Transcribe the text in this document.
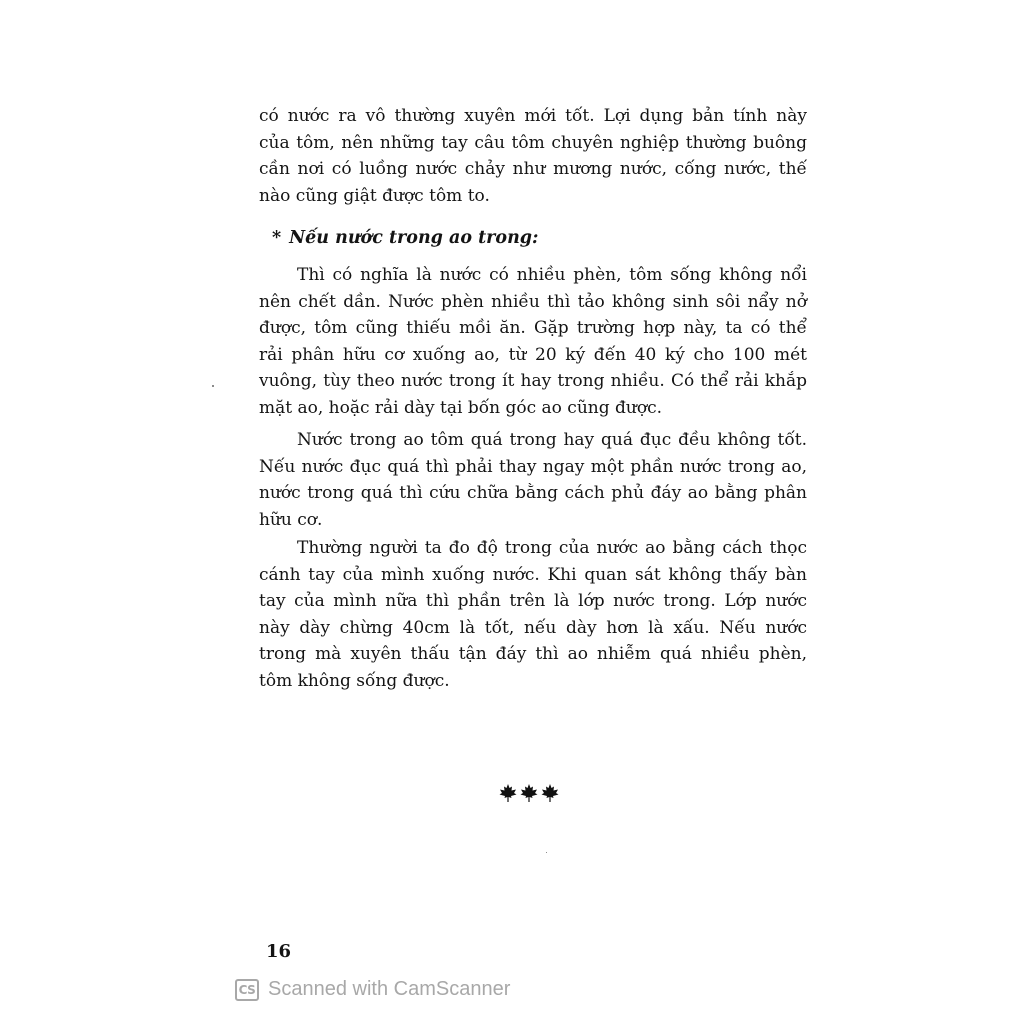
có nước ra vô thường xuyên mới tốt. Lợi dụng bản tính này
của tôm, nên những tay câu tôm chuyên nghiệp thường buông
cần nơi có luồng nước chảy như mương nước, cống nước, thế
nào cũng giật được tôm to.
* Nếu nước trong ao trong:
Thì có nghĩa là nước có nhiều phèn, tôm sống không nổi
nên chết dần. Nước phèn nhiều thì tảo không sinh sôi nẩy nở
được, tôm cũng thiếu mồi ăn. Gặp trường hợp này, ta có thể
rải phân hữu cơ xuống ao, từ 20 ký đến 40 ký cho 100 mét
vuông, tùy theo nước trong ít hay trong nhiều. Có thể rải khắp
mặt ao, hoặc rải dày tại bốn góc ao cũng được.
Nước trong ao tôm quá trong hay quá đục đều không tốt.
Nếu nước đục quá thì phải thay ngay một phần nước trong ao,
nước trong quá thì cứu chữa bằng cách phủ đáy ao bằng phân
hữu cơ.
Thường người ta đo độ trong của nước ao bằng cách thọc
cánh tay của mình xuống nước. Khi quan sát không thấy bàn
tay của mình nữa thì phần trên là lớp nước trong. Lớp nước
này dày chừng 40cm là tốt, nếu dày hơn là xấu. Nếu nước
trong mà xuyên thấu tận đáy thì ao nhiễm quá nhiều phèn,
tôm không sống được.
16
CS Scanned with CamScanner
